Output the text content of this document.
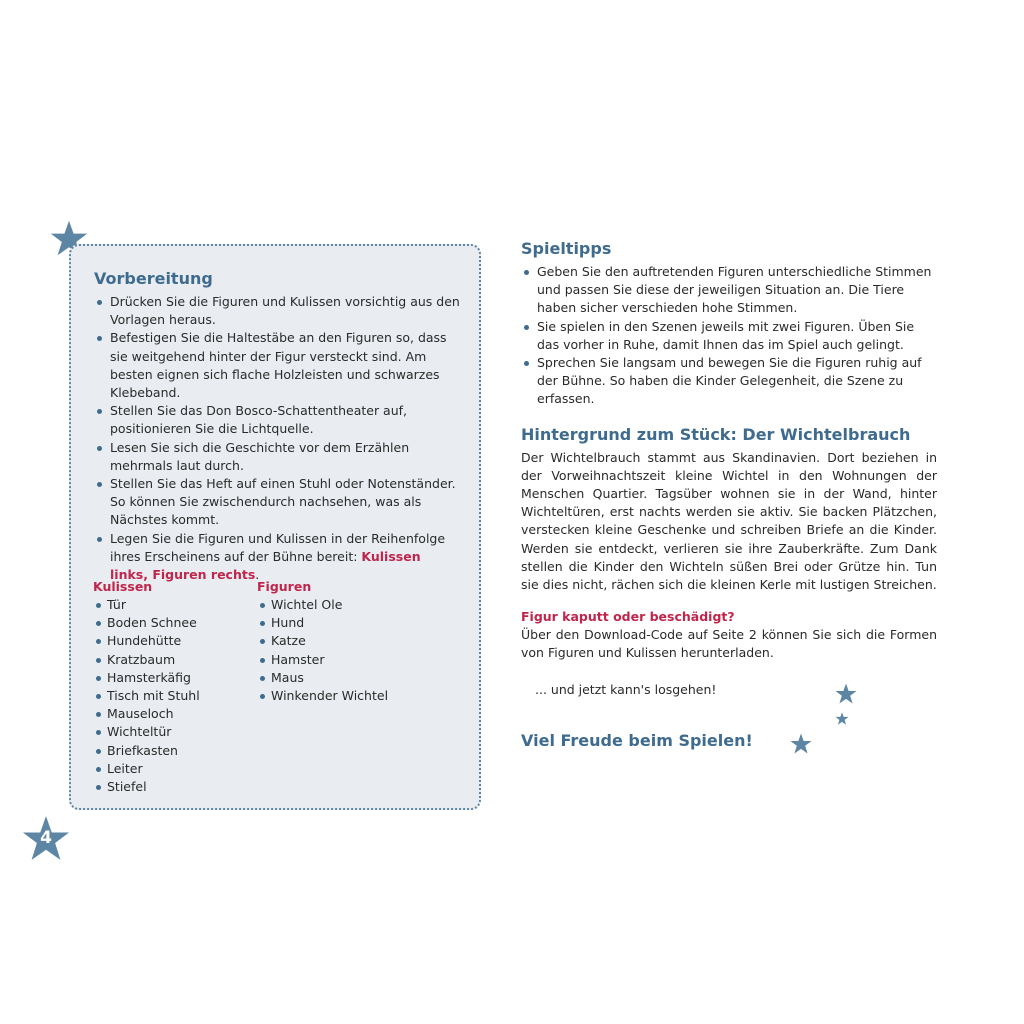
Vorbereitung
Drücken Sie die Figuren und Kulissen vorsichtig aus den Vorlagen heraus.
Befestigen Sie die Haltestäbe an den Figuren so, dass sie weitgehend hinter der Figur versteckt sind. Am besten eignen sich flache Holzleisten und schwarzes Klebeband.
Stellen Sie das Don Bosco-Schattentheater auf, positionieren Sie die Lichtquelle.
Lesen Sie sich die Geschichte vor dem Erzählen mehrmals laut durch.
Stellen Sie das Heft auf einen Stuhl oder Notenständer. So können Sie zwischendurch nachsehen, was als Nächstes kommt.
Legen Sie die Figuren und Kulissen in der Reihenfolge ihres Erscheinens auf der Bühne bereit: Kulissen links, Figuren rechts.
Kulissen
Tür
Boden Schnee
Hundehütte
Kratzbaum
Hamsterkäfig
Tisch mit Stuhl
Mauseloch
Wichteltür
Briefkasten
Leiter
Stiefel
Figuren
Wichtel Ole
Hund
Katze
Hamster
Maus
Winkender Wichtel
4
Spieltipps
Geben Sie den auftretenden Figuren unterschiedliche Stimmen und passen Sie diese der jeweiligen Situation an. Die Tiere haben sicher verschieden hohe Stimmen.
Sie spielen in den Szenen jeweils mit zwei Figuren. Üben Sie das vorher in Ruhe, damit Ihnen das im Spiel auch gelingt.
Sprechen Sie langsam und bewegen Sie die Figuren ruhig auf der Bühne. So haben die Kinder Gelegenheit, die Szene zu erfassen.
Hintergrund zum Stück: Der Wichtelbrauch

Der Wichtelbrauch stammt aus Skandinavien. Dort beziehen in der Vorweihnachtszeit kleine Wichtel in den Wohnungen der Menschen Quartier. Tagsüber wohnen sie in der Wand, hinter Wichteltüren, erst nachts werden sie aktiv. Sie backen Plätzchen, verstecken kleine Geschenke und schreiben Briefe an die Kinder. Werden sie entdeckt, verlieren sie ihre Zauberkräfte. Zum Dank stellen die Kinder den Wichteln süßen Brei oder Grütze hin. Tun sie dies nicht, rächen sich die kleinen Kerle mit lustigen Streichen.

Figur kaputt oder beschädigt?

Über den Download-Code auf Seite 2 können Sie sich die Formen von Figuren und Kulissen herunterladen.

... und jetzt kann's losgehen!

Viel Freude beim Spielen!
